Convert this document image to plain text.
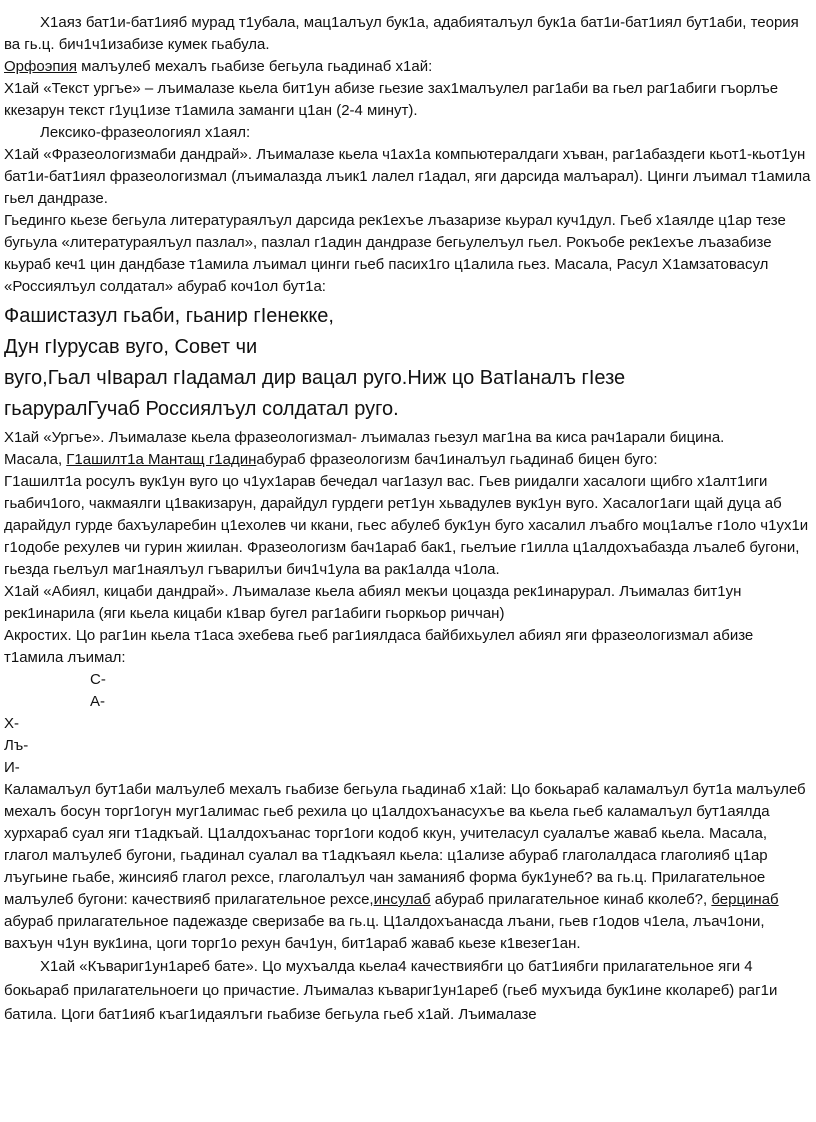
Х1аяз бат1и-бат1ияб мурад т1убала, мац1алъул бук1а, адабияталъул бук1а бат1и-бат1иял бут1аби, теория ва гь.ц. бич1ч1изабизе кумек гьабула.

Орфоэпия малъулеб мехалъ гьабизе бегьула гьадинаб х1ай:

Х1ай «Текст ургъе» – лъималазе кьела бит1ун абизе гьезие зах1малъулел раг1аби ва гьел раг1абиги гъорлъе ккезарун текст г1уц1изе т1амила заманги ц1ан (2-4 минут).

Лексико-фразеологиял х1аял:

Х1ай «Фразеологизмаби дандрай». Лъималазе кьела ч1ах1а компьютералдаги хъван, раг1абаздеги кьот1-кьот1ун бат1и-бат1иял фразеологизмал (лъималазда лъик1 лалел г1адал, яги дарсида малъарал). Цинги лъимал т1амила гьел дандразе.

Гьединго кьезе бегьула литератураялъул дарсида рек1ехъе лъазаризе кьурал куч1дул. Гьеб х1аялде ц1ар тезе бугьула «литератураялъул пазлал», пазлал г1адин дандразе бегьулелъул гьел. Рокъобе рек1ехъе лъазабизе кьураб кеч1 цин дандбазе т1амила лъимал цинги гьеб пасих1го ц1алила гьез. Масала, Расул Х1амзатовасул «Россиялъул солдатал» абураб коч1ол бут1а:

Фашистазул гьаби, гьанир гIенекке,

Дун гIурусав вуго, Совет чи

вуго,Гьал чIварал гIадамал дир вацал руго.Ниж цо ВатIаналъ гIезе

гьаруралГучаб Россиялъул солдатал руго.

Х1ай «Ургъе». Лъималазе кьела фразеологизмал- лъималаз гьезул маг1на ва киса рач1арали бицина.

Масала, Г1ашилт1а Мантащ г1адинабураб фразеологизм бач1иналъул гьадинаб бицен буго:

Г1ашилт1а росулъ вук1ун вуго цо ч1ух1арав бечедал чаг1азул вас. Гьев риидалги хасалоги щибго х1алт1иги гьабич1ого, чакмаялги ц1вакизарун, дарайдул гурдеги рет1ун хьвадулев вук1ун вуго. Хасалог1аги щай дуца аб дарайдул гурде бахъуларебин ц1ехолев чи ккани, гьес абулеб бук1ун буго хасалил лъабго моц1алъе г1оло ч1ух1и г1одобе рехулев чи гурин жиилан. Фразеологизм бач1араб бак1, гьелъие г1илла ц1алдохъабазда лъалеб бугони, гьезда гьелъул маг1наялъул гъварилъи бич1ч1ула ва рак1алда ч1ола.

Х1ай «Абиял, кицаби дандрай». Лъималазе кьела абиял мекъи цоцазда рек1инарурал. Лъималаз бит1ун рек1инарила (яги кьела кицаби к1вар бугел раг1абиги гьоркьор риччан)

Акростих. Цо раг1ин кьела т1аса эхебева гьеб раг1иялдаса байбихьулел абиял яги фразеологизмал абизе т1амила лъимал:

С-

А-

Х-

Лъ-

И-

Каламалъул бут1аби малъулеб мехалъ гьабизе бегьула гьадинаб х1ай: Цо бокьараб каламалъул бут1а малъулеб мехалъ босун торг1огун муг1алимас гьеб рехила цо ц1алдохъанасухъе ва кьела гьеб каламалъул бут1аялда хурхараб суал яги т1адкъай. Ц1алдохъанас торг1оги кодоб ккун, учителасул суалалъе жаваб кьела. Масала, глагол малъулеб бугони, гьадинал суалал ва т1адкъаял кьела: ц1ализе абураб глаголалдаса глаголияб ц1ар лъугьине гьабе, жинсияб глагол рехсе, глаголалъул чан заманияб форма бук1унеб? ва гь.ц. Прилагательное малъулеб бугони: качествияб прилагательное рехсе,инсулаб абураб прилагательное кинаб кколеб?, берцинаб абураб прилагательное падежазде сверизабе ва гь.ц. Ц1алдохъанасда лъани, гьев г1одов ч1ела, лъач1они, вахъун ч1ун вук1ина, цоги торг1о рехун бач1ун, бит1араб жаваб кьезе к1везег1ан.

Х1ай «Къвариг1ун1ареб бате». Цо мухъалда кьела4 качествиябги цо бат1иябги прилагательное яги 4 бокьараб прилагательноеги цо причастие. Лъималаз къвариг1ун1ареб (гьеб мухъида бук1ине кколареб) раг1и батила. Цоги бат1ияб къаг1идаялъги гьабизе бегьула гьеб х1ай. Лъималазе
